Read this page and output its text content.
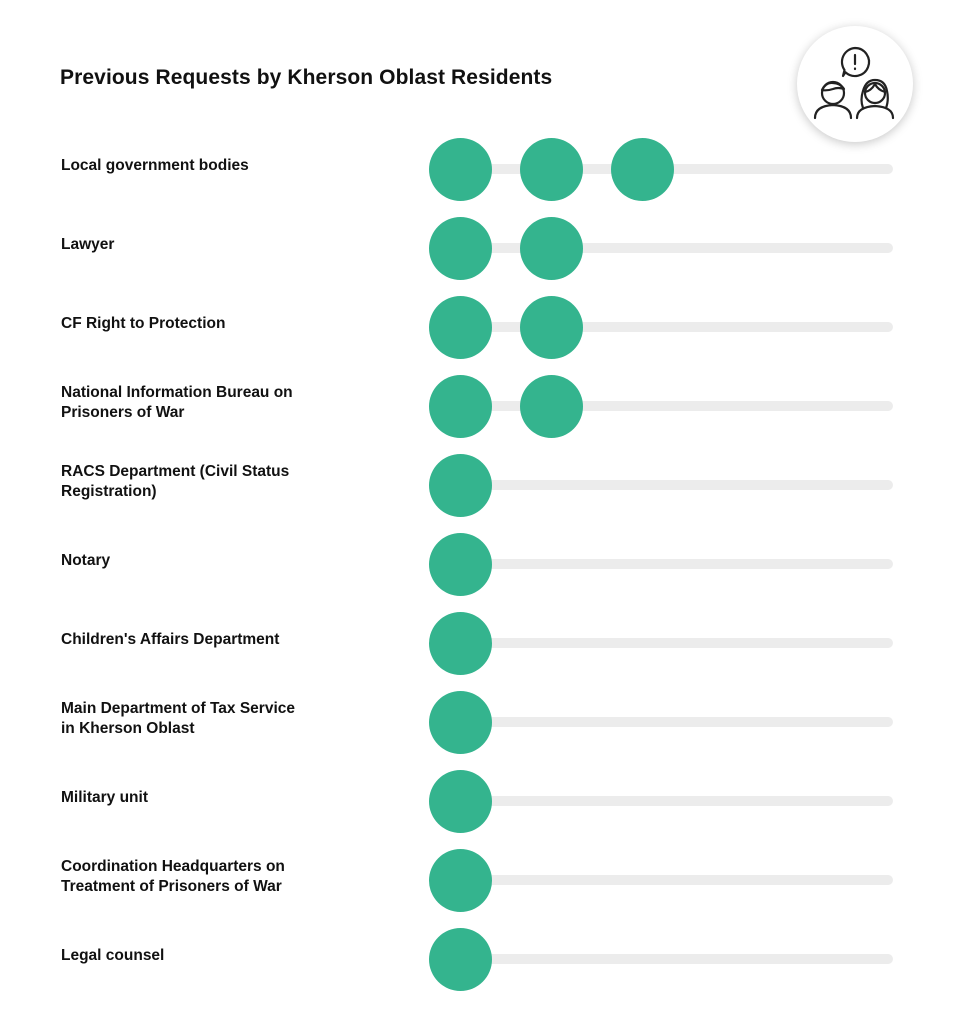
Previous Requests by Kherson Oblast Residents
Local government bodies
Lawyer
CF Right to Protection
National Information Bureau on
Prisoners of War
RACS Department (Civil Status
Registration)
Notary
Children's Affairs Department
Main Department of Tax Service
in Kherson Oblast
Military unit
Coordination Headquarters on
Treatment of Prisoners of War
Legal counsel
